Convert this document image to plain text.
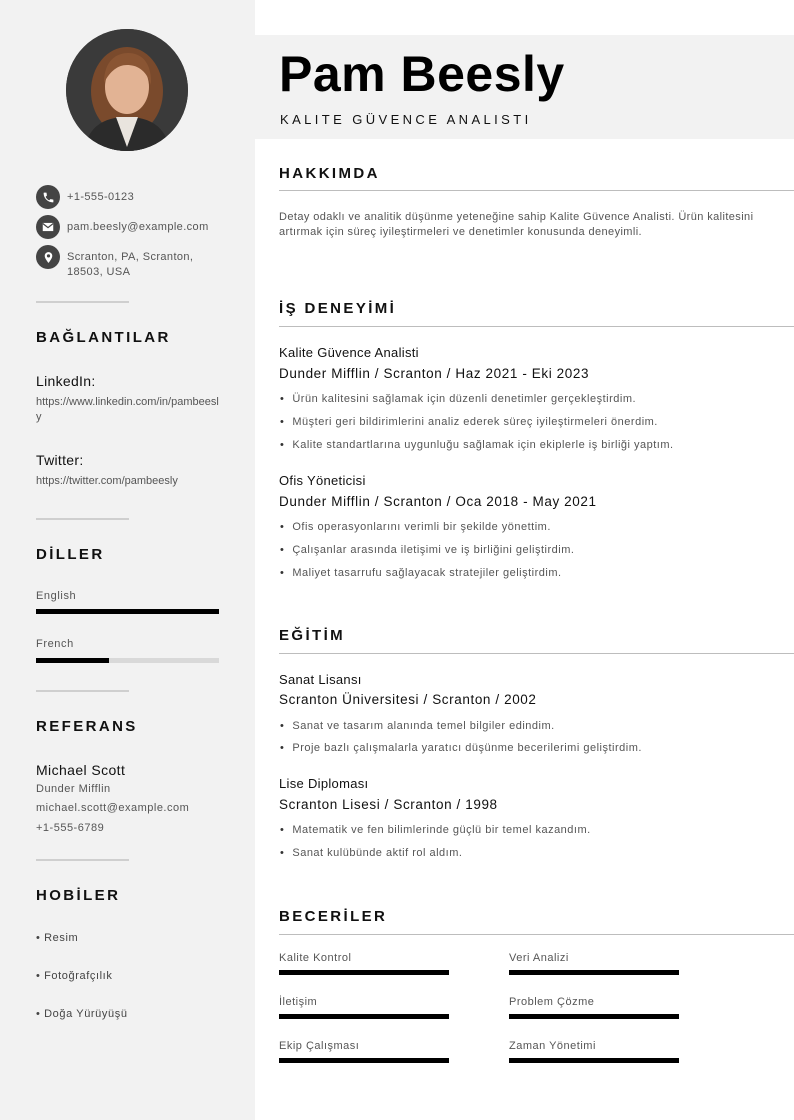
+1-555-0123
pam.beesly@example.com
Scranton, PA, Scranton, 18503, USA
BAĞLANTILAR
LinkedIn:
https://www.linkedin.com/in/pambeesly
Twitter:
https://twitter.com/pambeesly
DİLLER
English
French
REFERANS
Michael Scott
Dunder Mifflin
michael.scott@example.com
+1-555-6789
HOBİLER
• Resim
• Fotoğrafçılık
• Doğa Yürüyüşü
Pam Beesly
KALITE GÜVENCE ANALISTI
HAKKIMDA
Detay odaklı ve analitik düşünme yeteneğine sahip Kalite Güvence Analisti. Ürün kalitesini artırmak için süreç iyileştirmeleri ve denetimler konusunda deneyimli.
İŞ DENEYİMİ
Kalite Güvence Analisti
Dunder Mifflin / Scranton / Haz 2021 - Eki 2023
• Ürün kalitesini sağlamak için düzenli denetimler gerçekleştirdim.
• Müşteri geri bildirimlerini analiz ederek süreç iyileştirmeleri önerdim.
• Kalite standartlarına uygunluğu sağlamak için ekiplerle iş birliği yaptım.
Ofis Yöneticisi
Dunder Mifflin / Scranton / Oca 2018 - May 2021
• Ofis operasyonlarını verimli bir şekilde yönettim.
• Çalışanlar arasında iletişimi ve iş birliğini geliştirdim.
• Maliyet tasarrufu sağlayacak stratejiler geliştirdim.
EĞİTİM
Sanat Lisansı
Scranton Üniversitesi / Scranton / 2002
• Sanat ve tasarım alanında temel bilgiler edindim.
• Proje bazlı çalışmalarla yaratıcı düşünme becerilerimi geliştirdim.
Lise Diploması
Scranton Lisesi / Scranton / 1998
• Matematik ve fen bilimlerinde güçlü bir temel kazandım.
• Sanat kulübünde aktif rol aldım.
BECERİLER
Kalite Kontrol	Veri Analizi
İletişim	Problem Çözme
Ekip Çalışması	Zaman Yönetimi
